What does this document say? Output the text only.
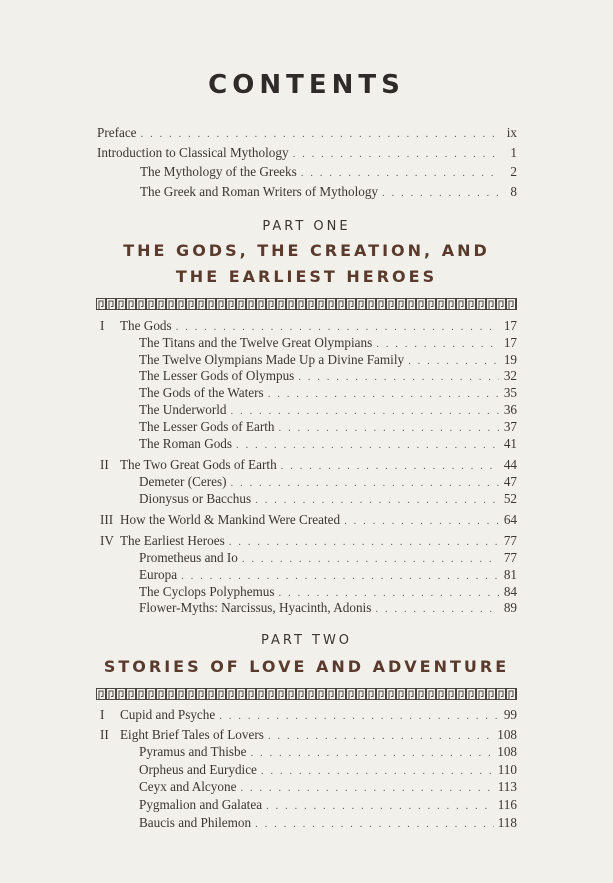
CONTENTS
Preface . . .	ix
Introduction to Classical Mythology . . .	1
The Mythology of the Greeks . . .	2
The Greek and Roman Writers of Mythology . . .	8
PART ONE
THE GODS, THE CREATION, AND
THE EARLIEST HEROES
I	The Gods . . .	17
The Titans and the Twelve Great Olympians . . .	17
The Twelve Olympians Made Up a Divine Family . . .	19
The Lesser Gods of Olympus . . .	32
The Gods of the Waters . . .	35
The Underworld . . .	36
The Lesser Gods of Earth . . .	37
The Roman Gods . . .	41
II The Two Great Gods of Earth . . .	44
Demeter (Ceres) . . .	47
Dionysus or Bacchus . . .	52
III How the World & Mankind Were Created . . .	64
IV The Earliest Heroes . . .	77
Prometheus and Io . . .	77
Europa . . .	81
The Cyclops Polyphemus . . .	84
Flower-Myths: Narcissus, Hyacinth, Adonis . . .	89
PART TWO
STORIES OF LOVE AND ADVENTURE
I	Cupid and Psyche . . .	99
II Eight Brief Tales of Lovers . . .	108
Pyramus and Thisbe . . .	108
Orpheus and Eurydice . . .	110
Ceyx and Alcyone . . .	113
Pygmalion and Galatea . . .	116
Baucis and Philemon . . .	118
